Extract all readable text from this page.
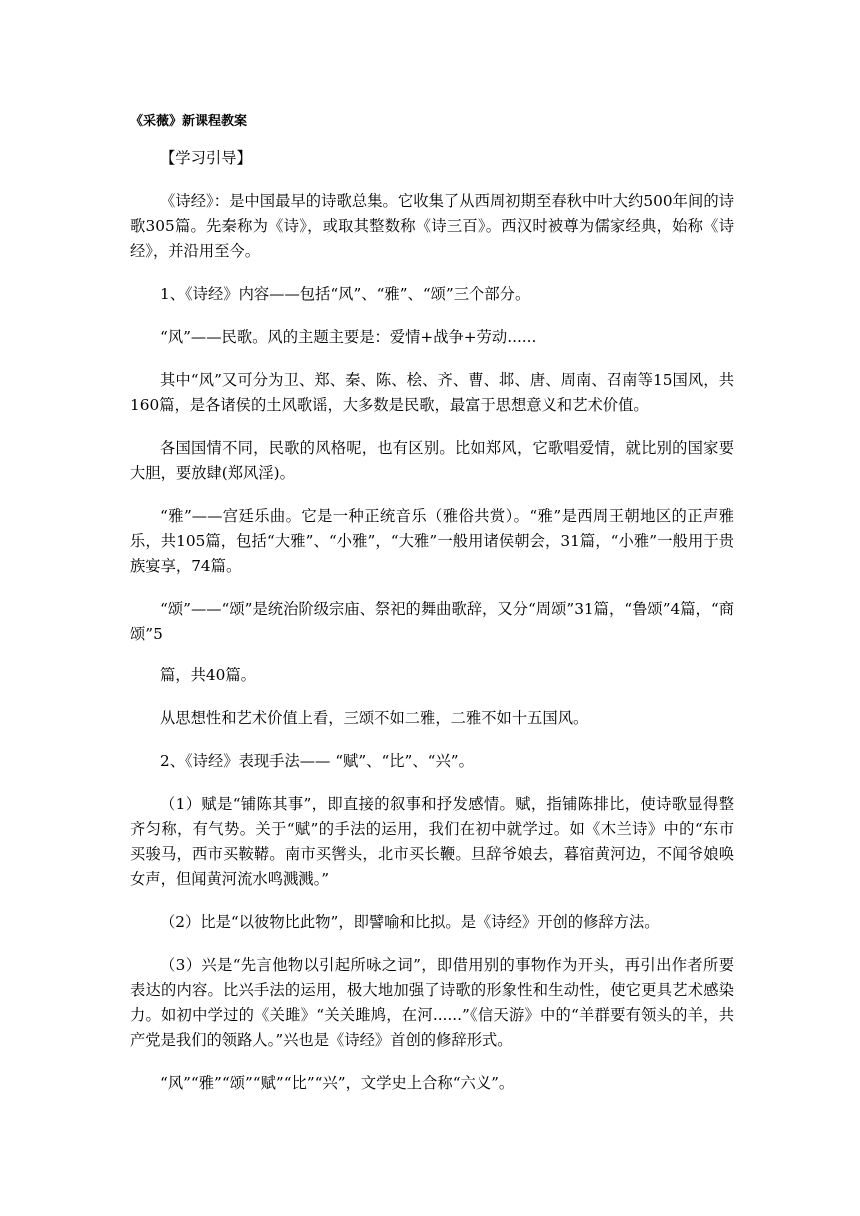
《采薇》新课程教案

【学习引导】

《诗经》：是中国最早的诗歌总集。它收集了从西周初期至春秋中叶大约500年间的诗歌305篇。先秦称为《诗》，或取其整数称《诗三百》。西汉时被尊为儒家经典，始称《诗经》，并沿用至今。

1、《诗经》内容——包括“风”、“雅”、“颂”三个部分。

“风”——民歌。风的主题主要是：爱情+战争+劳动......

其中“风”又可分为卫、郑、秦、陈、桧、齐、曹、邶、唐、周南、召南等15国风，共160篇，是各诸侯的土风歌谣，大多数是民歌，最富于思想意义和艺术价值。

各国国情不同，民歌的风格呢，也有区别。比如郑风，它歌唱爱情，就比别的国家要大胆，要放肆(郑风淫)。

“雅”——宫廷乐曲。它是一种正统音乐（雅俗共赏）。“雅”是西周王朝地区的正声雅乐，共105篇，包括“大雅”、“小雅”，“大雅”一般用诸侯朝会，31篇，“小雅”一般用于贵族宴享，74篇。

“颂”——“颂”是统治阶级宗庙、祭祀的舞曲歌辞，又分“周颂”31篇，“鲁颂”4篇，“商颂”5

篇，共40篇。

从思想性和艺术价值上看，三颂不如二雅，二雅不如十五国风。

2、《诗经》表现手法—— “赋”、“比”、“兴”。

（1）赋是“铺陈其事”，即直接的叙事和抒发感情。赋，指铺陈排比，使诗歌显得整齐匀称，有气势。关于“赋”的手法的运用，我们在初中就学过。如《木兰诗》中的“东市买骏马，西市买鞍鞯。南市买辔头，北市买长鞭。旦辞爷娘去，暮宿黄河边，不闻爷娘唤女声，但闻黄河流水鸣溅溅。”

（2）比是“以彼物比此物”，即譬喻和比拟。是《诗经》开创的修辞方法。

（3）兴是“先言他物以引起所咏之词”，即借用别的事物作为开头，再引出作者所要表达的内容。比兴手法的运用，极大地加强了诗歌的形象性和生动性，使它更具艺术感染力。如初中学过的《关雎》“关关雎鸠，在河......”《信天游》中的“羊群要有领头的羊，共产党是我们的领路人。”兴也是《诗经》首创的修辞形式。

“风”“雅”“颂”“赋”“比”“兴”，文学史上合称“六义”。
